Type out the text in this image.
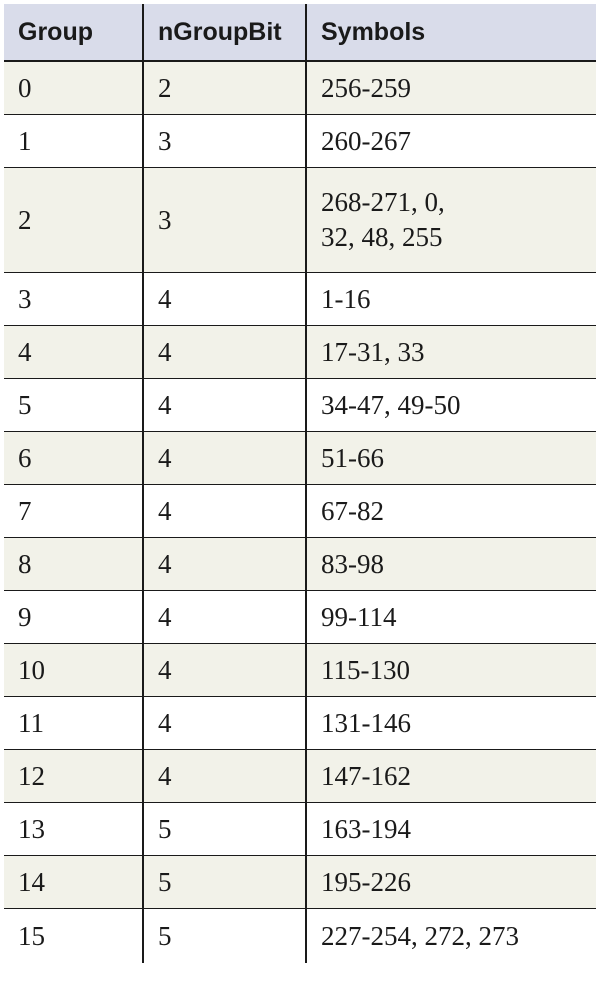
Group	nGroupBit	Symbols
0	2	256-259
1	3	260-267
2	3	268-271, 0,
32, 48, 255
3	4	1-16
4	4	17-31, 33
5	4	34-47, 49-50
6	4	51-66
7	4	67-82
8	4	83-98
9	4	99-114
10	4	115-130
11	4	131-146
12	4	147-162
13	5	163-194
14	5	195-226
15	5	227-254, 272, 273
